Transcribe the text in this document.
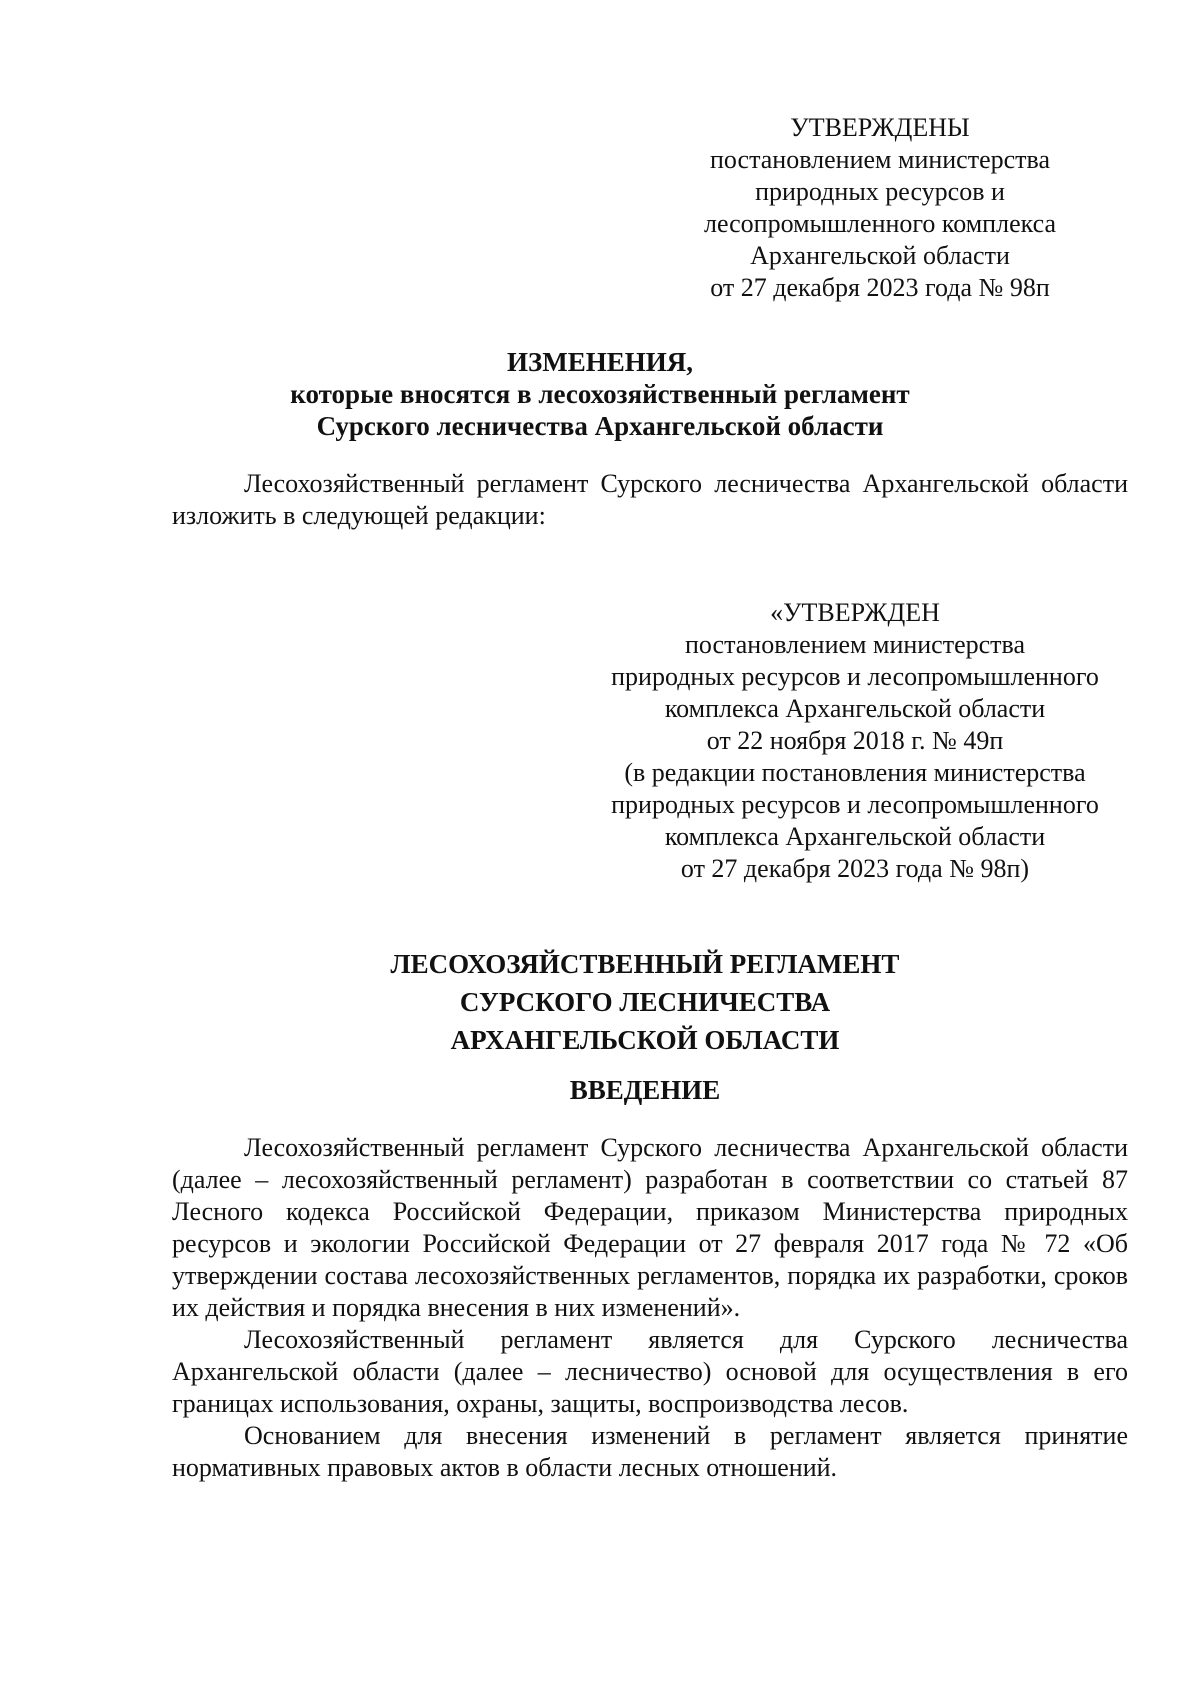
УТВЕРЖДЕНЫ
постановлением министерства
природных ресурсов и
лесопромышленного комплекса
Архангельской области
от 27 декабря 2023 года № 98п
ИЗМЕНЕНИЯ,
которые вносятся в лесохозяйственный регламент
Сурского лесничества Архангельской области

Лесохозяйственный регламент Сурского лесничества Архангельской области изложить в следующей редакции:

«УТВЕРЖДЕН
постановлением министерства
природных ресурсов и лесопромышленного
комплекса Архангельской области
от 22 ноября 2018 г. № 49п
(в редакции постановления министерства
природных ресурсов и лесопромышленного
комплекса Архангельской области
от 27 декабря 2023 года № 98п)
ЛЕСОХОЗЯЙСТВЕННЫЙ РЕГЛАМЕНТ
СУРСКОГО ЛЕСНИЧЕСТВА
АРХАНГЕЛЬСКОЙ ОБЛАСТИ
ВВЕДЕНИЕ

Лесохозяйственный регламент Сурского лесничества Архангельской области (далее – лесохозяйственный регламент) разработан в соответствии со статьей 87 Лесного кодекса Российской Федерации, приказом Министерства природных ресурсов и экологии Российской Федерации от 27 февраля 2017 года № 72 «Об утверждении состава лесохозяйственных регламентов, порядка их разработки, сроков их действия и порядка внесения в них изменений».

Лесохозяйственный регламент является для Сурского лесничества Архангельской области (далее – лесничество) основой для осуществления в его границах использования, охраны, защиты, воспроизводства лесов.

Основанием для внесения изменений в регламент является принятие нормативных правовых актов в области лесных отношений.
